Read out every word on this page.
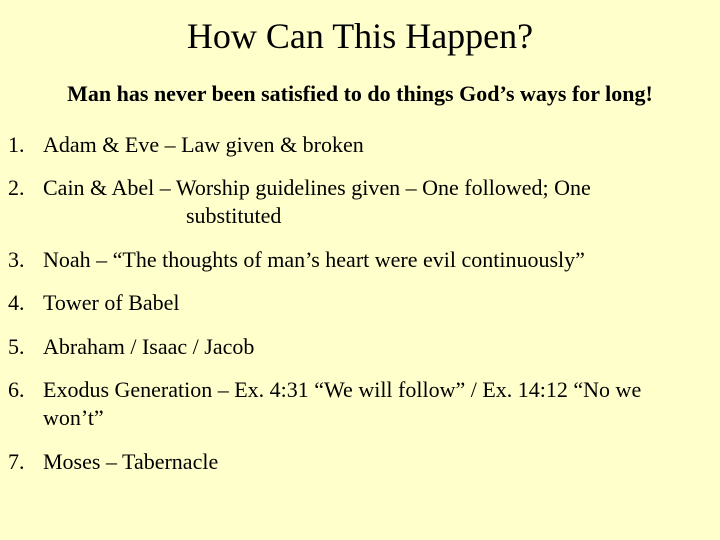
How Can This Happen?

Man has never been satisfied to do things God’s ways for long!

1. Adam & Eve – Law given & broken
2. Cain & Abel – Worship guidelines given – One followed; One
substituted
3. Noah – “The thoughts of man’s heart were evil continuously”
4. Tower of Babel
5. Abraham / Isaac / Jacob
6. Exodus Generation – Ex. 4:31 “We will follow” / Ex. 14:12 “No we
won’t”
7. Moses – Tabernacle
